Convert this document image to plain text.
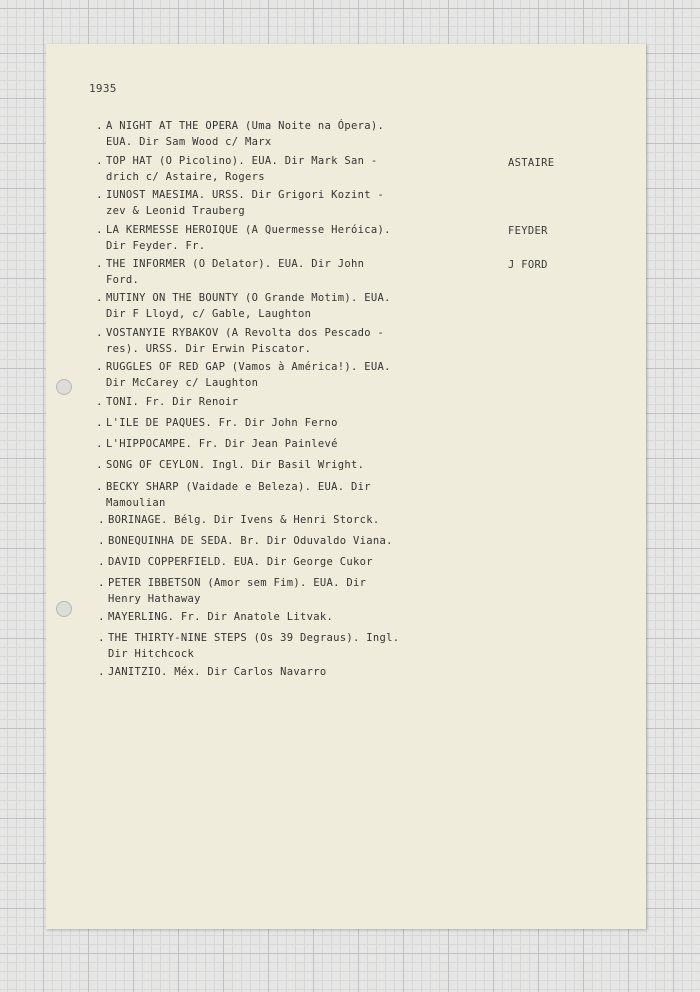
1935
. A NIGHT AT THE OPERA (Uma Noite na Ópera).
EUA. Dir Sam Wood c/ Marx
. TOP HAT (O Picolino). EUA. Dir Mark San -
drich c/ Astaire, Rogers
. IUNOST MAESIMA. URSS. Dir Grigori Kozint -
zev & Leonid Trauberg
. LA KERMESSE HEROIQUE (A Quermesse Heróica).
Dir Feyder. Fr.
. THE INFORMER (O Delator). EUA. Dir John
Ford.
. MUTINY ON THE BOUNTY (O Grande Motim). EUA.
Dir F Lloyd, c/ Gable, Laughton
. VOSTANYIE RYBAKOV (A Revolta dos Pescado -
res). URSS. Dir Erwin Piscator.
. RUGGLES OF RED GAP (Vamos à América!). EUA.
Dir McCarey c/ Laughton
. TONI. Fr. Dir Renoir
. L'ILE DE PAQUES. Fr. Dir John Ferno
. L'HIPPOCAMPE. Fr. Dir Jean Painlevé
. SONG OF CEYLON. Ingl. Dir Basil Wright.
. BECKY SHARP (Vaidade e Beleza). EUA. Dir
Mamoulian
. BORINAGE. Bélg. Dir Ivens & Henri Storck.
. BONEQUINHA DE SEDA. Br. Dir Oduvaldo Viana.
. DAVID COPPERFIELD. EUA. Dir George Cukor
. PETER IBBETSON (Amor sem Fim). EUA. Dir
Henry Hathaway
. MAYERLING. Fr. Dir Anatole Litvak.
. THE THIRTY-NINE STEPS (Os 39 Degraus). Ingl.
Dir Hitchcock
. JANITZIO. Méx. Dir Carlos Navarro
ASTAIRE
FEYDER
J FORD
